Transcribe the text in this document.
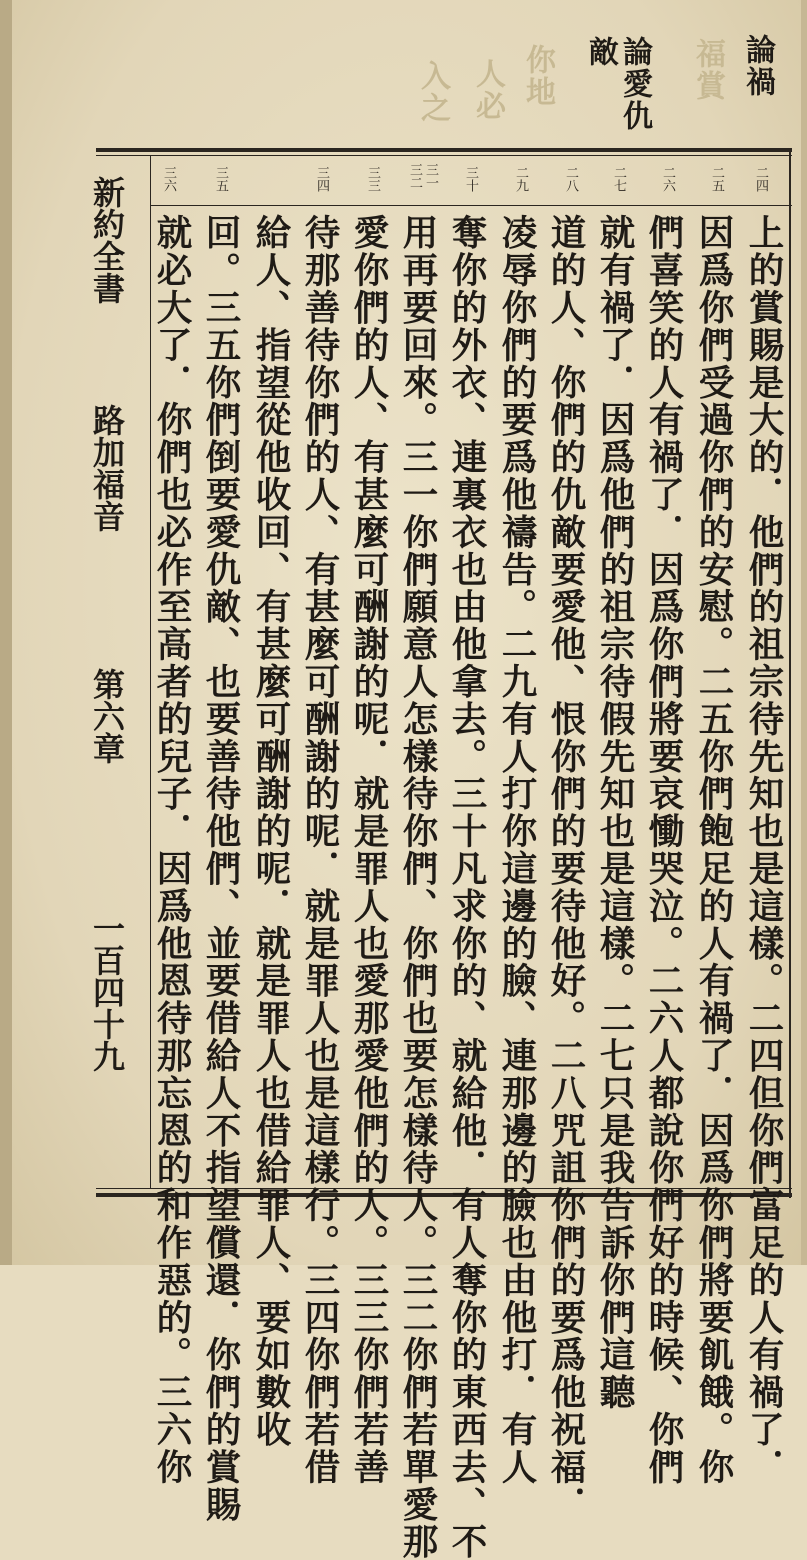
福賞
你地
入之 人必	論禍
論愛仇
敵
二四
二五
二六
二七
二八
二九
三十
三一
三二
三三
三四
三五
三六
上的賞賜是大的．他們的祖宗待先知也是這樣。二四但你們富足的人有禍了．
因爲你們受過你們的安慰。二五你們飽足的人有禍了．因爲你們將要飢餓。你
們喜笑的人有禍了．因爲你們將要哀慟哭泣。二六人都說你們好的時候、你們
就有禍了．因爲他們的祖宗待假先知也是這樣。二七只是我告訴你們這聽
道的人、你們的仇敵要愛他、恨你們的要待他好。二八咒詛你們的要爲他祝福．
凌辱你們的要爲他禱告。二九有人打你這邊的臉、連那邊的臉也由他打．有人
奪你的外衣、連裏衣也由他拿去。三十凡求你的、就給他．有人奪你的東西去、不
用再要回來。三一你們願意人怎樣待你們、你們也要怎樣待人。三二你們若單愛那
愛你們的人、有甚麼可酬謝的呢．就是罪人也愛那愛他們的人。三三你們若善
待那善待你們的人、有甚麼可酬謝的呢．就是罪人也是這樣行。三四你們若借
給人、指望從他收回、有甚麼可酬謝的呢．就是罪人也借給罪人、要如數收
回。三五你們倒要愛仇敵、也要善待他們、並要借給人不指望償還．你們的賞賜
就必大了．你們也必作至高者的兒子．因爲他恩待那忘恩的和作惡的。三六你
新約全書
路加福音
第六章
一百四十九
